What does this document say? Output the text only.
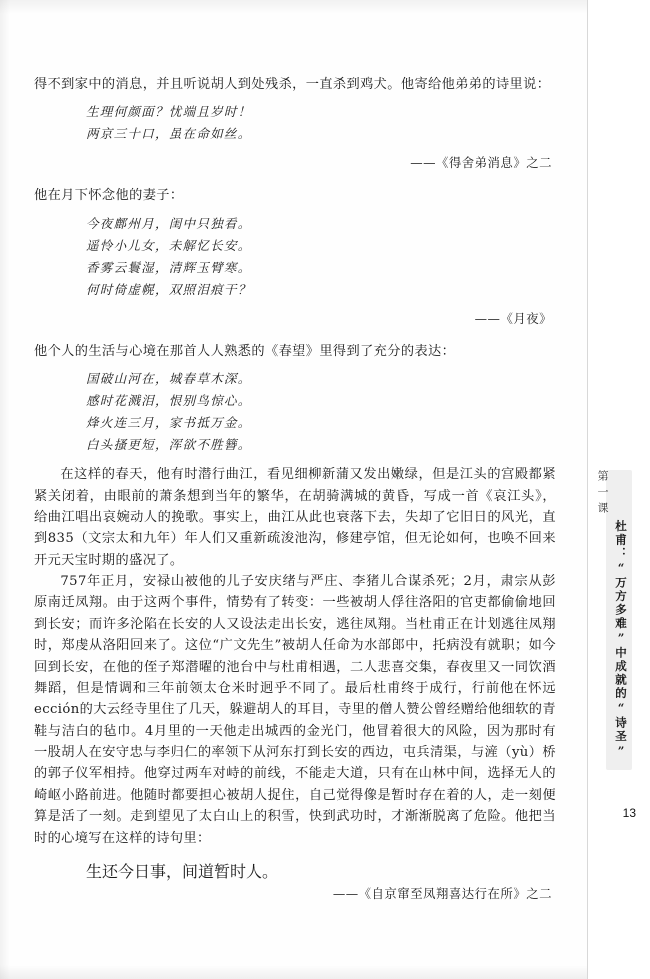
得不到家中的消息，并且听说胡人到处残杀，一直杀到鸡犬。他寄给他弟弟的诗里说：

生理何颜面？忧端且岁时！
两京三十口，虽在命如丝。
——《得舍弟消息》之二

他在月下怀念他的妻子：

今夜鄜州月，闺中只独看。
遥怜小儿女，未解忆长安。
香雾云鬟湿，清辉玉臂寒。
何时倚虚幌，双照泪痕干？
——《月夜》

他个人的生活与心境在那首人人熟悉的《春望》里得到了充分的表达：

国破山河在，城春草木深。
感时花溅泪，恨别鸟惊心。
烽火连三月，家书抵万金。
白头搔更短，浑欲不胜簪。

在这样的春天，他有时潜行曲江，看见细柳新蒲又发出嫩绿，但是江头的宫殿都紧紧关闭着，由眼前的萧条想到当年的繁华，在胡骑满城的黄昏，写成一首《哀江头》，给曲江唱出哀婉动人的挽歌。事实上，曲江从此也衰落下去，失却了它旧日的风光，直到835（文宗太和九年）年人们又重新疏浚池沟，修建亭馆，但无论如何，也唤不回来开元天宝时期的盛况了。

757年正月，安禄山被他的儿子安庆绪与严庄、李猪儿合谋杀死；2月，肃宗从彭原南迁凤翔。由于这两个事件，情势有了转变：一些被胡人俘往洛阳的官吏都偷偷地回到长安；而许多沦陷在长安的人又设法走出长安，逃往凤翔。当杜甫正在计划逃往凤翔时，郑虔从洛阳回来了。这位“广文先生”被胡人任命为水部郎中，托病没有就职；如今回到长安，在他的侄子郑潜曜的池台中与杜甫相遇，二人悲喜交集，春夜里又一同饮酒舞蹈，但是情调和三年前领太仓米时迥乎不同了。最后杜甫终于成行，行前他在怀远ección的大云经寺里住了几天，躲避胡人的耳目，寺里的僧人赞公曾经赠给他细软的青鞋与洁白的毡巾。4月里的一天他走出城西的金光门，他冒着很大的风险，因为那时有一股胡人在安守忠与李归仁的率领下从河东打到长安的西边，屯兵清渠，与滻（yù）桥的郭子仪军相持。他穿过两车对峙的前线，不能走大道，只有在山林中间，选择无人的崎岖小路前进。他随时都要担心被胡人捉住，自己觉得像是暂时存在着的人，走一刻便算是活了一刻。走到望见了太白山上的积雪，快到武功时，才渐渐脱离了危险。他把当时的心境写在这样的诗句里：

生还今日事，间道暂时人。
——《自京窜至凤翔喜达行在所》之二
第一课
杜甫：“万方多难”中成就的“诗圣”
13
